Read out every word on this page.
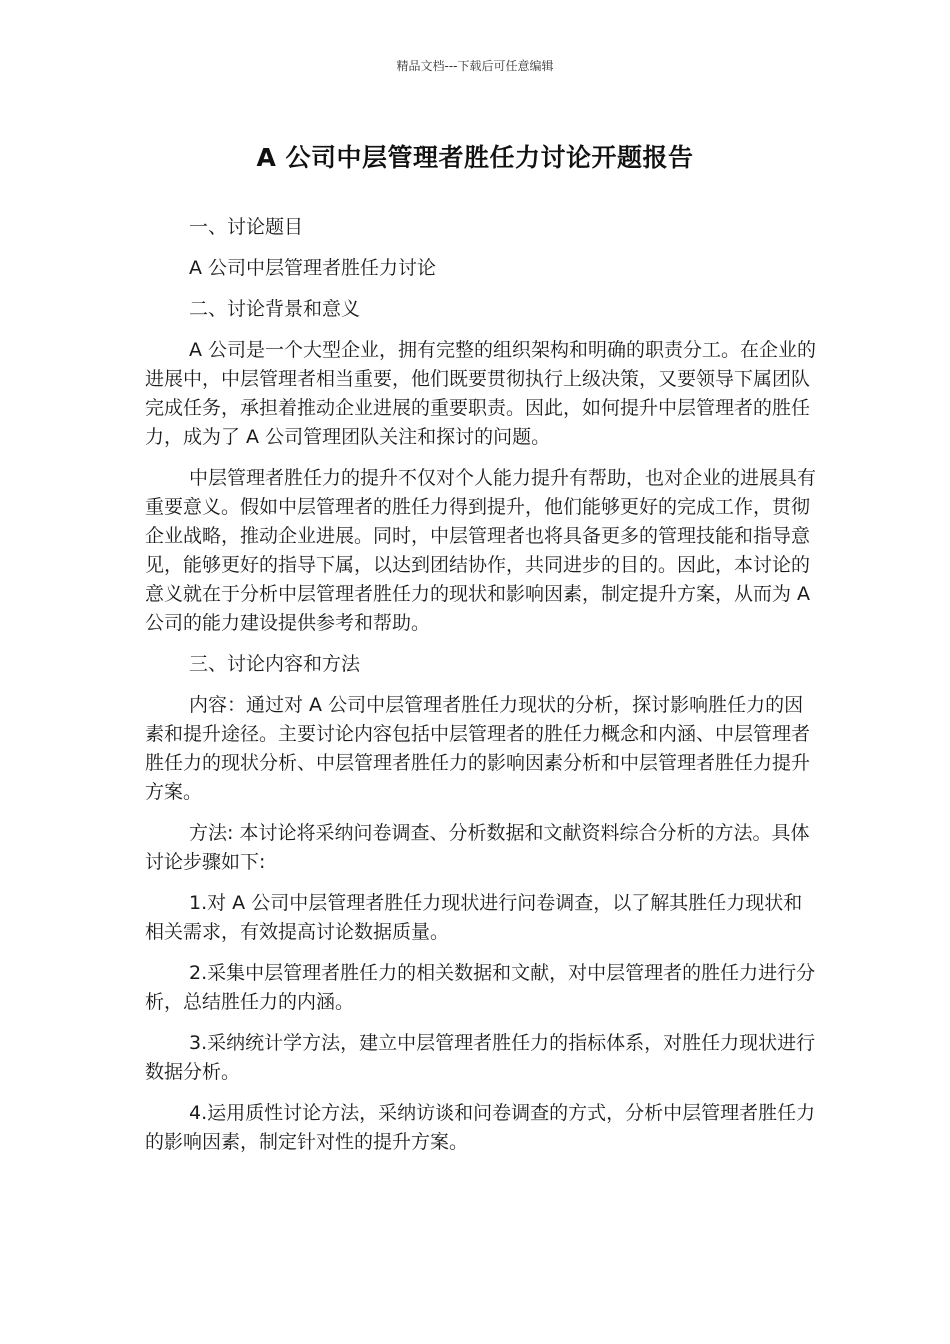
精品文档---下载后可任意编辑
A 公司中层管理者胜任力讨论开题报告

一、讨论题目

A 公司中层管理者胜任力讨论

二、讨论背景和意义

A 公司是一个大型企业，拥有完整的组织架构和明确的职责分工。在企业的进展中，中层管理者相当重要，他们既要贯彻执行上级决策，又要领导下属团队完成任务，承担着推动企业进展的重要职责。因此，如何提升中层管理者的胜任力，成为了 A 公司管理团队关注和探讨的问题。

中层管理者胜任力的提升不仅对个人能力提升有帮助，也对企业的进展具有重要意义。假如中层管理者的胜任力得到提升，他们能够更好的完成工作，贯彻企业战略，推动企业进展。同时，中层管理者也将具备更多的管理技能和指导意见，能够更好的指导下属，以达到团结协作，共同进步的目的。因此，本讨论的意义就在于分析中层管理者胜任力的现状和影响因素，制定提升方案，从而为 A 公司的能力建设提供参考和帮助。

三、讨论内容和方法

内容：通过对 A 公司中层管理者胜任力现状的分析，探讨影响胜任力的因素和提升途径。主要讨论内容包括中层管理者的胜任力概念和内涵、中层管理者胜任力的现状分析、中层管理者胜任力的影响因素分析和中层管理者胜任力提升方案。

方法: 本讨论将采纳问卷调查、分析数据和文献资料综合分析的方法。具体讨论步骤如下:

1.对 A 公司中层管理者胜任力现状进行问卷调查，以了解其胜任力现状和相关需求，有效提高讨论数据质量。

2.采集中层管理者胜任力的相关数据和文献，对中层管理者的胜任力进行分析，总结胜任力的内涵。

3.采纳统计学方法，建立中层管理者胜任力的指标体系，对胜任力现状进行数据分析。

4.运用质性讨论方法，采纳访谈和问卷调查的方式，分析中层管理者胜任力的影响因素，制定针对性的提升方案。
